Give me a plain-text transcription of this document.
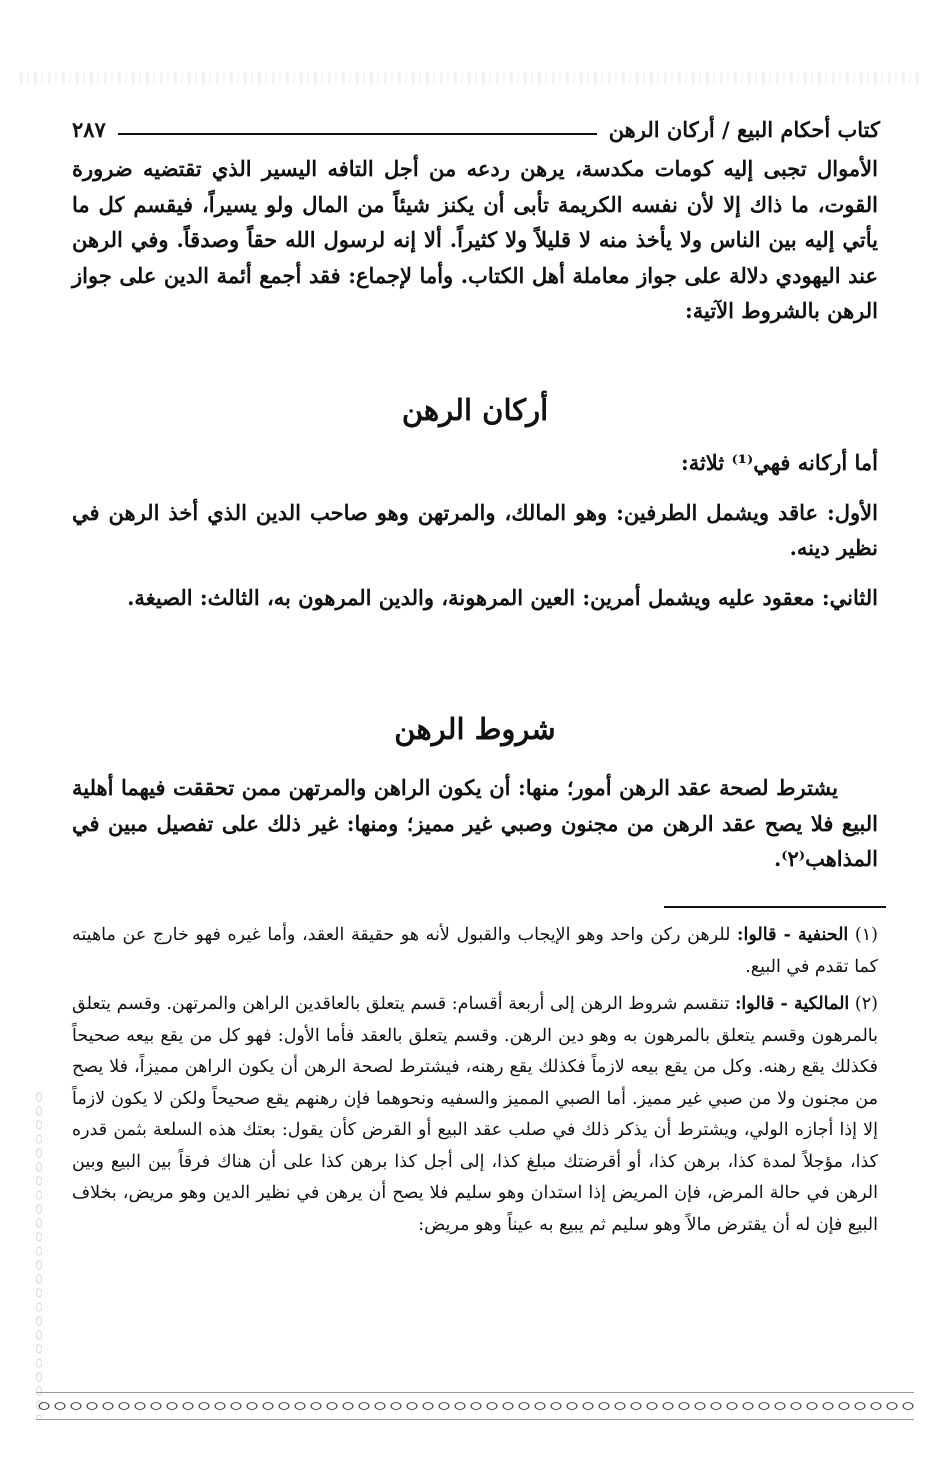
كتاب أحكام البيع / أركان الرهن
٢٨٧

الأموال تجبى إليه كومات مكدسة، يرهن ردعه من أجل التافه اليسير الذي تقتضيه ضرورة القوت، ما ذاك إلا لأن نفسه الكريمة تأبى أن يكنز شيئاً من المال ولو يسيراً، فيقسم كل ما يأتي إليه بين الناس ولا يأخذ منه لا قليلاً ولا كثيراً. ألا إنه لرسول الله حقاً وصدقاً. وفي الرهن عند اليهودي دلالة على جواز معاملة أهل الكتاب. وأما لإجماع: فقد أجمع أئمة الدين على جواز الرهن بالشروط الآتية:

أركان الرهن

أما أركانه فهي⁽¹⁾ ثلاثة:

الأول: عاقد ويشمل الطرفين: وهو المالك، والمرتهن وهو صاحب الدين الذي أخذ الرهن في نظير دينه.

الثاني: معقود عليه ويشمل أمرين: العين المرهونة، والدين المرهون به، الثالث: الصيغة.

شروط الرهن

يشترط لصحة عقد الرهن أمور؛ منها: أن يكون الراهن والمرتهن ممن تحققت فيهما أهلية البيع فلا يصح عقد الرهن من مجنون وصبي غير مميز؛ ومنها: غير ذلك على تفصيل مبين في المذاهب⁽٢⁾.

(١) الحنفية - قالوا: للرهن ركن واحد وهو الإيجاب والقبول لأنه هو حقيقة العقد، وأما غيره فهو خارج عن ماهيته كما تقدم في البيع.

(٢) المالكية - قالوا: تنقسم شروط الرهن إلى أربعة أقسام: قسم يتعلق بالعاقدين الراهن والمرتهن. وقسم يتعلق بالمرهون وقسم يتعلق بالمرهون به وهو دين الرهن. وقسم يتعلق بالعقد فأما الأول: فهو كل من يقع بيعه صحيحاً فكذلك يقع رهنه. وكل من يقع بيعه لازماً فكذلك يقع رهنه، فيشترط لصحة الرهن أن يكون الراهن مميزاً، فلا يصح من مجنون ولا من صبي غير مميز. أما الصبي المميز والسفيه ونحوهما فإن رهنهم يقع صحيحاً ولكن لا يكون لازماً إلا إذا أجازه الولي، ويشترط أن يذكر ذلك في صلب عقد البيع أو القرض كأن يقول: بعتك هذه السلعة بثمن قدره كذا، مؤجلاً لمدة كذا، برهن كذا، أو أقرضتك مبلغ كذا، إلى أجل كذا برهن كذا على أن هناك فرقاً بين البيع وبين الرهن في حالة المرض، فإن المريض إذا استدان وهو سليم فلا يصح أن يرهن في نظير الدين وهو مريض، بخلاف البيع فإن له أن يقترض مالاً وهو سليم ثم يبيع به عيناً وهو مريض:
